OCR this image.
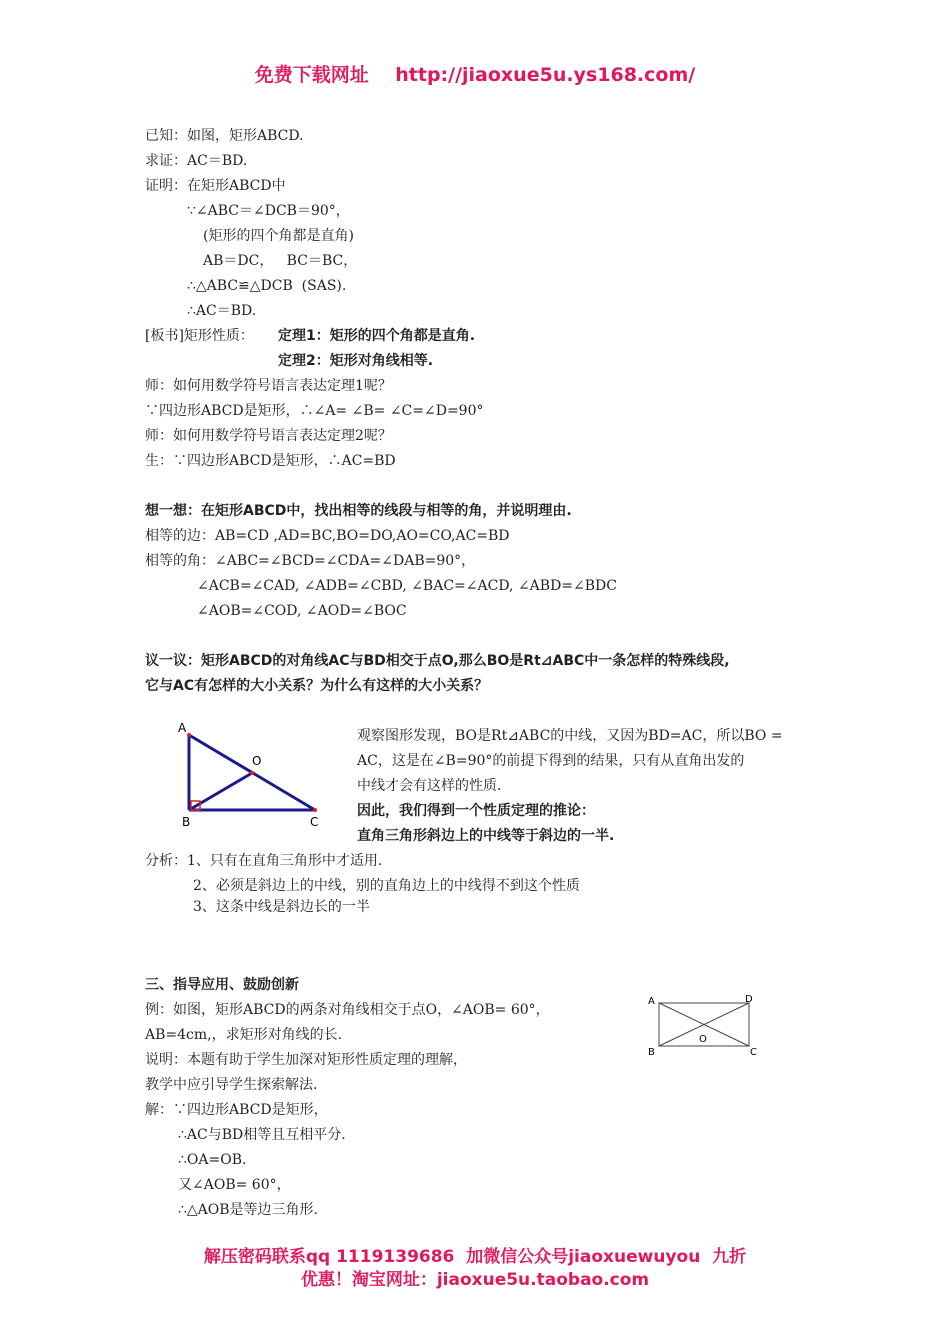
免费下载网址    http://jiaoxue5u.ys168.com/
已知：如图，矩形ABCD.
求证：AC＝BD.
证明：在矩形ABCD中
∵∠ABC＝∠DCB＝90°，
(矩形的四个角都是直角)
AB＝DC，   BC＝BC，
∴△ABC≌△DCB  (SAS).
∴AC＝BD.
[板书]矩形性质： 定理1：矩形的四个角都是直角.
定理2：矩形对角线相等.
师：如何用数学符号语言表达定理1呢？
∵四边形ABCD是矩形，∴∠A= ∠B= ∠C=∠D=90°
师：如何用数学符号语言表达定理2呢？
生：∵四边形ABCD是矩形，∴AC=BD
想一想：在矩形ABCD中，找出相等的线段与相等的角，并说明理由.
相等的边：AB=CD ,AD=BC,BO=DO,AO=CO,AC=BD
相等的角：∠ABC=∠BCD=∠CDA=∠DAB=90°，
∠ACB=∠CAD, ∠ADB=∠CBD, ∠BAC=∠ACD, ∠ABD=∠BDC
∠AOB=∠COD, ∠AOD=∠BOC
议一议：矩形ABCD的对角线AC与BD相交于点O,那么BO是Rt⊿ABC中一条怎样的特殊线段,
它与AC有怎样的大小关系？为什么有这样的大小关系？
A
O
B	C
观察图形发现，BO是Rt⊿ABC的中线，又因为BD=AC，所以BO =
AC，这是在∠B=90°的前提下得到的结果，只有从直角出发的
中线才会有这样的性质.
因此，我们得到一个性质定理的推论：
直角三角形斜边上的中线等于斜边的一半.
分析：1、只有在直角三角形中才适用.
2、必须是斜边上的中线，别的直角边上的中线得不到这个性质
3、这条中线是斜边长的一半
三、指导应用、鼓励创新
例：如图，矩形ABCD的两条对角线相交于点O，∠AOB= 60°，
AB=4cm,，求矩形对角线的长.
说明：本题有助于学生加深对矩形性质定理的理解，
教学中应引导学生探索解法.
解：∵四边形ABCD是矩形，
∴AC与BD相等且互相平分.
∴OA=OB.
又∠AOB= 60°，
∴△AOB是等边三角形.
A	D
O
B	C
解压密码联系qq 1119139686  加微信公众号jiaoxuewuyou  九折
优惠！淘宝网址：jiaoxue5u.taobao.com
